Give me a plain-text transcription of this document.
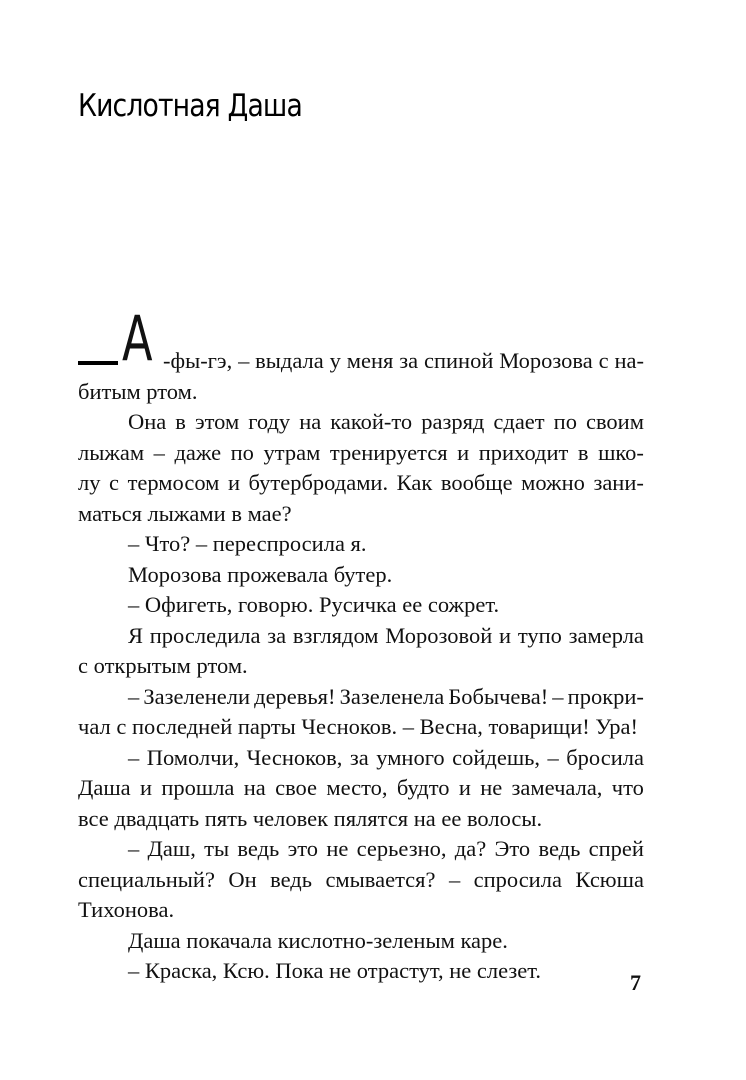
Кислотная Даша
А -фы-гэ, – выдала у меня за спиной Морозова с на-
битым ртом.
Она в этом году на какой-то разряд сдает по своим
лыжам – даже по утрам тренируется и приходит в шко-
лу с термосом и бутербродами. Как вообще можно зани-
маться лыжами в мае?
– Что? – переспросила я.
Морозова прожевала бутер.
– Офигеть, говорю. Русичка ее сожрет.
Я проследила за взглядом Морозовой и тупо замерла
с открытым ртом.
– Зазеленели деревья! Зазеленела Бобычева! – прокри-
чал с последней парты Чесноков. – Весна, товарищи! Ура!
– Помолчи, Чесноков, за умного сойдешь, – бросила
Даша и прошла на свое место, будто и не замечала, что
все двадцать пять человек пялятся на ее волосы.
– Даш, ты ведь это не серьезно, да? Это ведь спрей
специальный? Он ведь смывается? – спросила Ксюша
Тихонова.
Даша покачала кислотно-зеленым каре.
– Краска, Ксю. Пока не отрастут, не слезет.	7
